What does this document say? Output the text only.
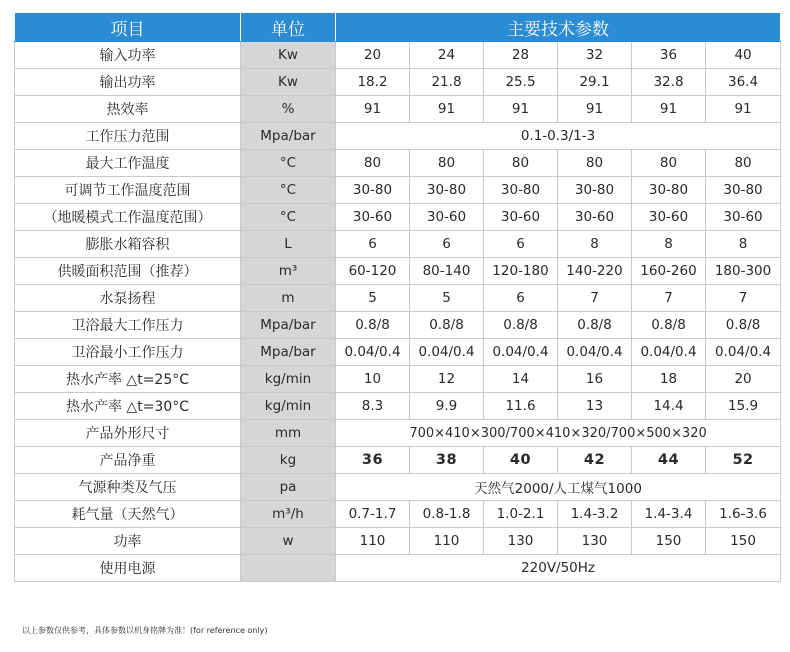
项目	单位	主要技术参数					
输入功率	Kw	20	24	28	32	36	40
输出功率	Kw	18.2	21.8	25.5	29.1	32.8	36.4
热效率	%	91	91	91	91	91	91
工作压力范围	Mpa/bar	0.1-0.3/1-3					
最大工作温度	°C	80	80	80	80	80	80
可调节工作温度范围	°C	30-80	30-80	30-80	30-80	30-80	30-80
（地暖模式工作温度范围）	°C	30-60	30-60	30-60	30-60	30-60	30-60
膨胀水箱容积	L	6	6	6	8	8	8
供暖面积范围（推荐）	m³	60-120	80-140	120-180	140-220	160-260	180-300
水泵扬程	m	5	5	6	7	7	7
卫浴最大工作压力	Mpa/bar	0.8/8	0.8/8	0.8/8	0.8/8	0.8/8	0.8/8
卫浴最小工作压力	Mpa/bar	0.04/0.4	0.04/0.4	0.04/0.4	0.04/0.4	0.04/0.4	0.04/0.4
热水产率 △t=25°C	kg/min	10	12	14	16	18	20
热水产率 △t=30°C	kg/min	8.3	9.9	11.6	13	14.4	15.9
产品外形尺寸	mm	700×410×300/700×410×320/700×500×320					
产品净重	kg	36	38	40	42	44	52
气源种类及气压	pa	天然气2000/人工煤气1000					
耗气量（天然气）	m³/h	0.7-1.7	0.8-1.8	1.0-2.1	1.4-3.2	1.4-3.4	1.6-3.6
功率	w	110	110	130	130	150	150
使用电源		220V/50Hz					
以上参数仅供参考，具体参数以机身铭牌为准！(for reference only)
